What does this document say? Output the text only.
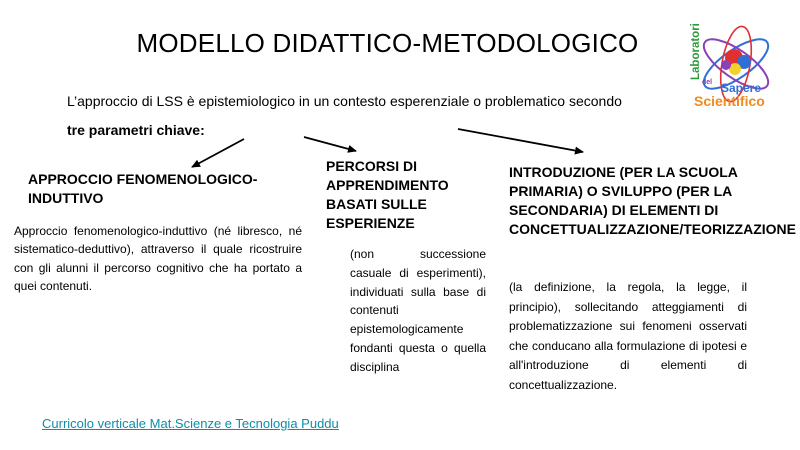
MODELLO DIDATTICO-METODOLOGICO	Laboratori
del Sapere
Scientifico
L’approccio di LSS è epistemiologico in un contesto esperenziale o problematico secondo
tre parametri chiave:
APPROCCIO FENOMENOLOGICO-INDUTTIVO
Approccio fenomenologico-induttivo (né libresco, né sistematico-deduttivo), attraverso il quale ricostruire con gli alunni il percorso cognitivo che ha portato a quei contenuti.
PERCORSI DI APPRENDIMENTO BASATI SULLE ESPERIENZE
(non successione casuale di esperimenti), individuati sulla base di contenuti epistemologicamente fondanti questa o quella disciplina
INTRODUZIONE (PER LA SCUOLA PRIMARIA) O SVILUPPO (PER LA SECONDARIA) DI ELEMENTI DI CONCETTUALIZZAZIONE/TEORIZZAZIONE
(la definizione, la regola, la legge, il principio), sollecitando atteggiamenti di problematizzazione sui fenomeni osservati che conducano alla formulazione di ipotesi e all'introduzione di elementi di concettualizzazione.
Curricolo verticale Mat.Scienze e Tecnologia Puddu
